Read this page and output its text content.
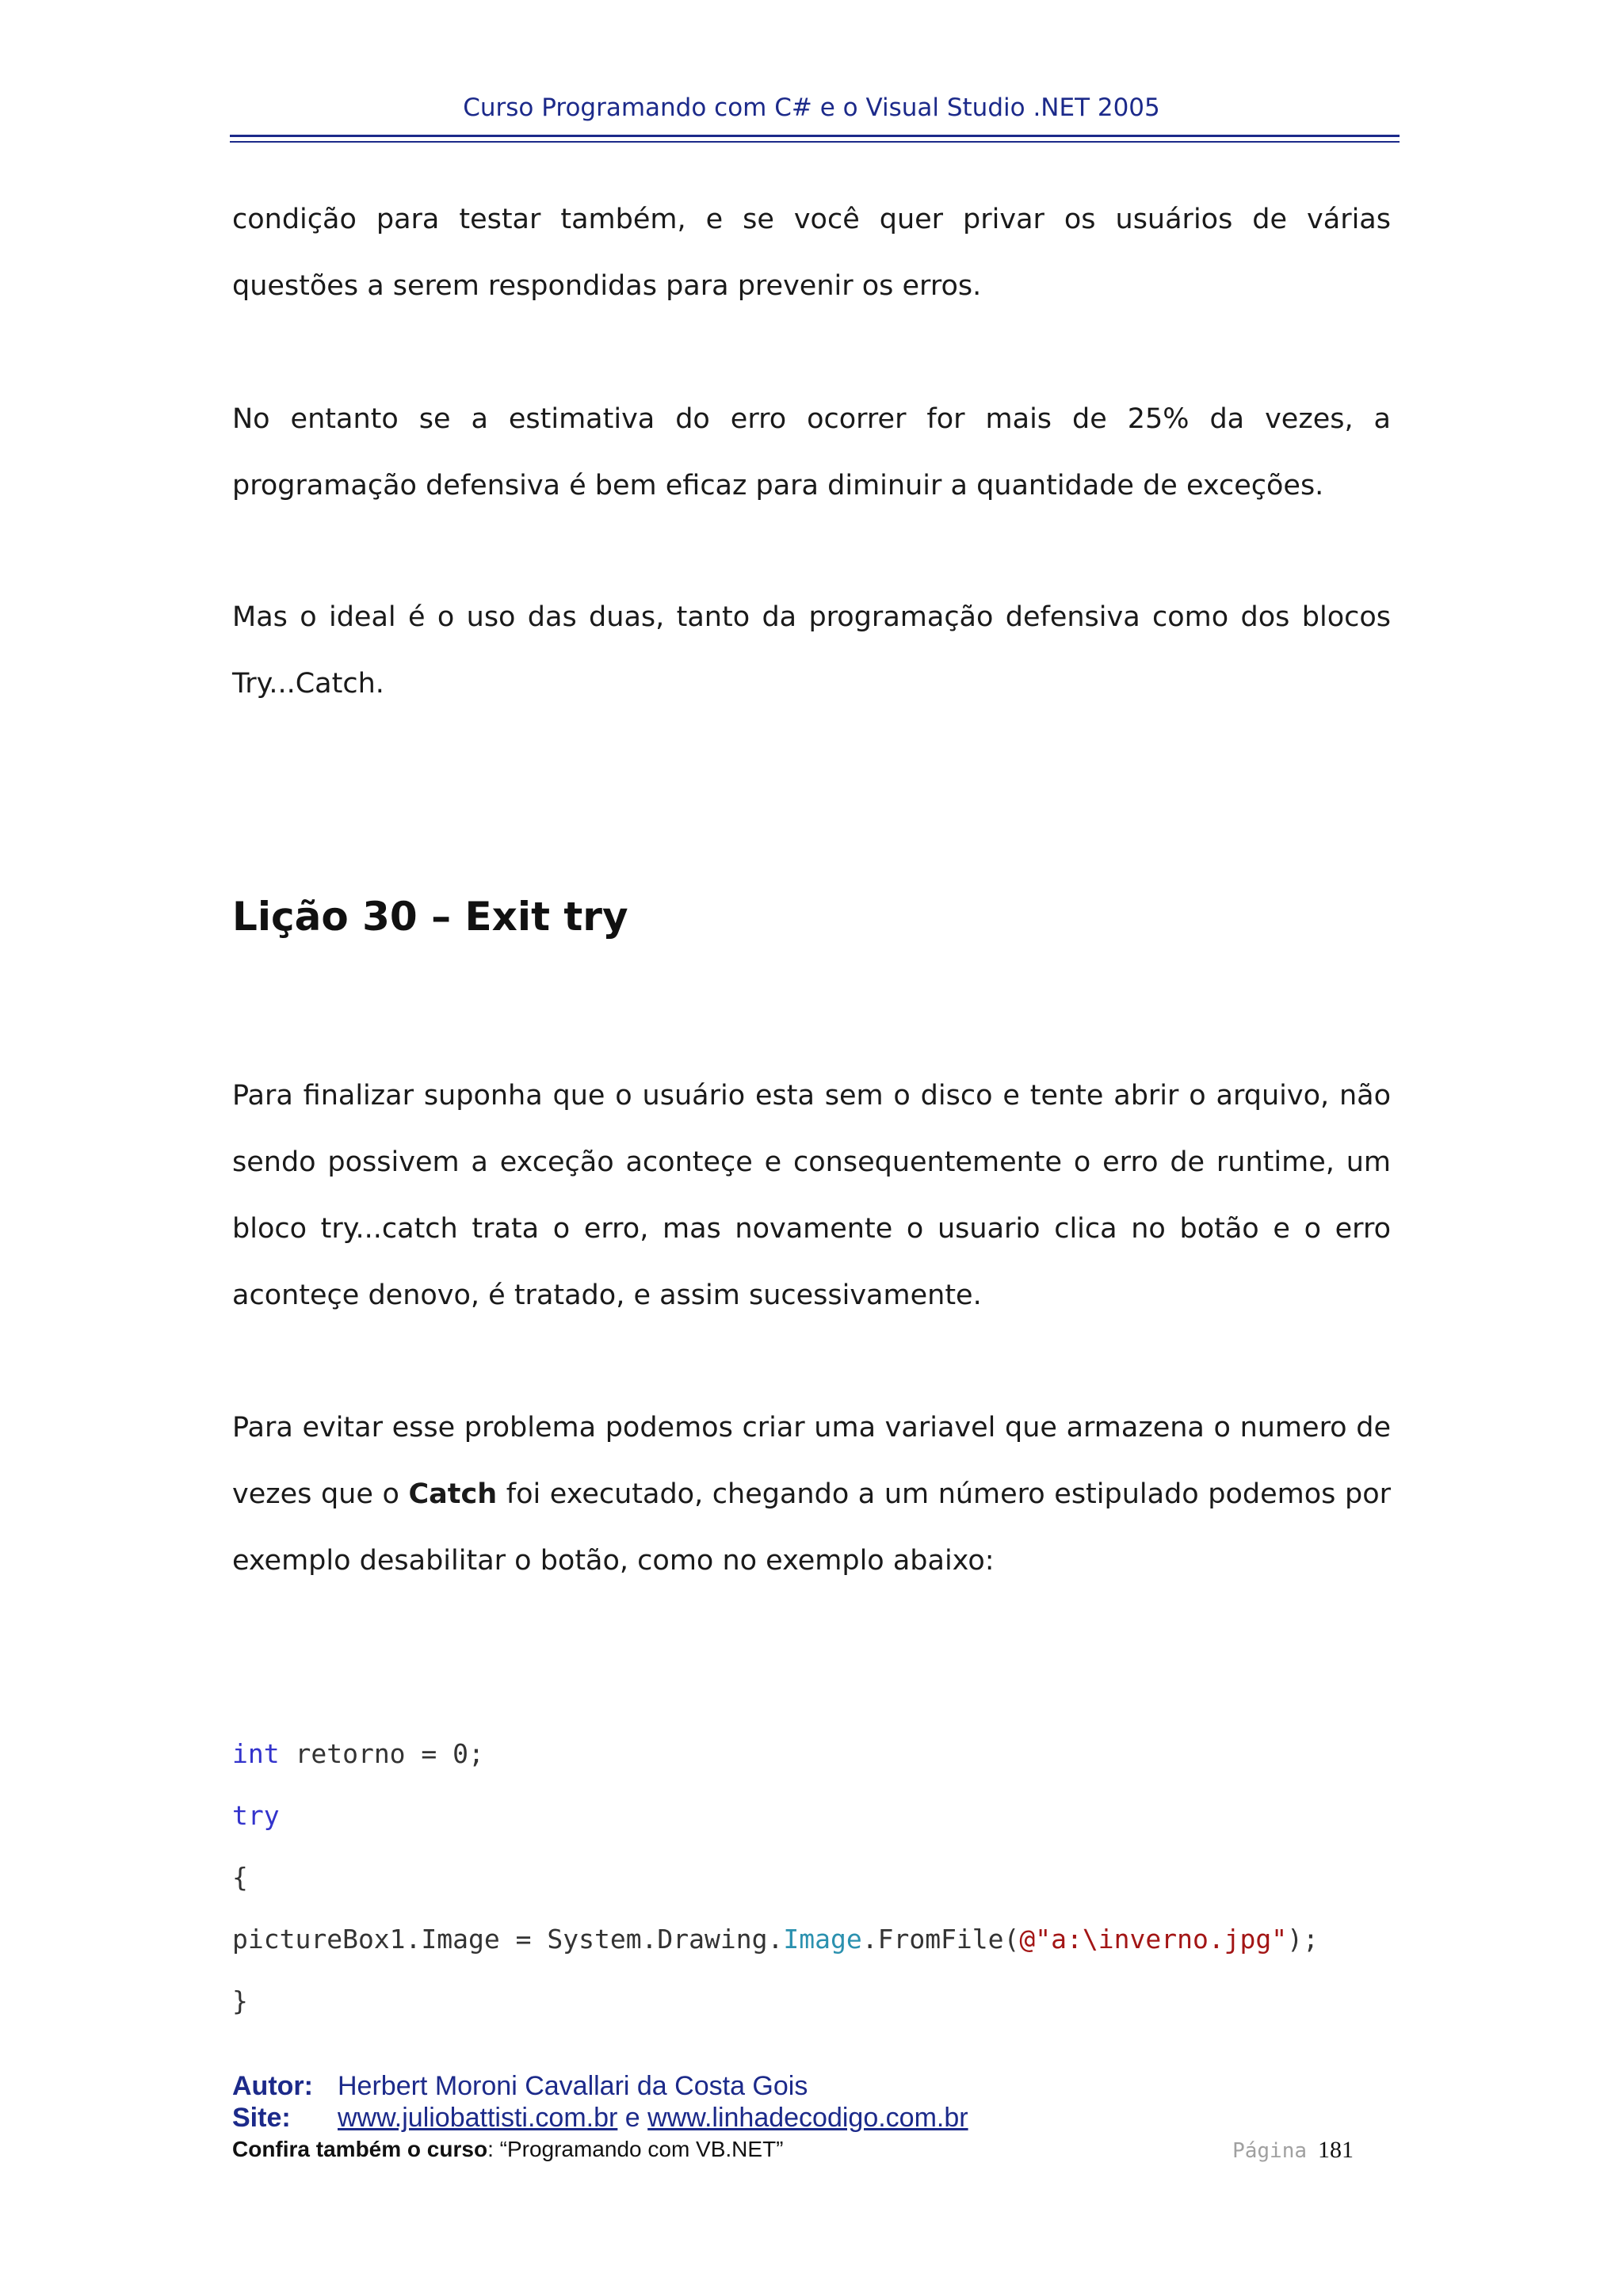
Curso Programando com C# e o Visual Studio .NET 2005

condição para testar também, e se você quer privar os usuários de várias questões a serem respondidas para prevenir os erros.

No entanto se a estimativa do erro ocorrer for mais de 25% da vezes, a programação defensiva é bem eficaz para diminuir a quantidade de exceções.

Mas o ideal é o uso das duas, tanto da programação defensiva como dos blocos Try...Catch.

Lição 30 – Exit try

Para finalizar suponha que o usuário esta sem o disco e tente abrir o arquivo, não sendo possivem a exceção aconteçe e consequentemente o erro de runtime, um bloco try...catch trata o erro, mas novamente o usuario clica no botão e o erro aconteçe denovo, é tratado, e assim sucessivamente.

Para evitar esse problema podemos criar uma variavel que armazena o numero de vezes que o Catch foi executado, chegando a um número estipulado podemos por exemplo desabilitar o botão, como no exemplo abaixo:

int retorno = 0;
try
{
pictureBox1.Image = System.Drawing.Image.FromFile(@"a:\inverno.jpg");
}
Autor: Herbert Moroni Cavallari da Costa Gois
Site: www.juliobattisti.com.br e www.linhadecodigo.com.br
Confira também o curso: “Programando com VB.NET”	Página 181
